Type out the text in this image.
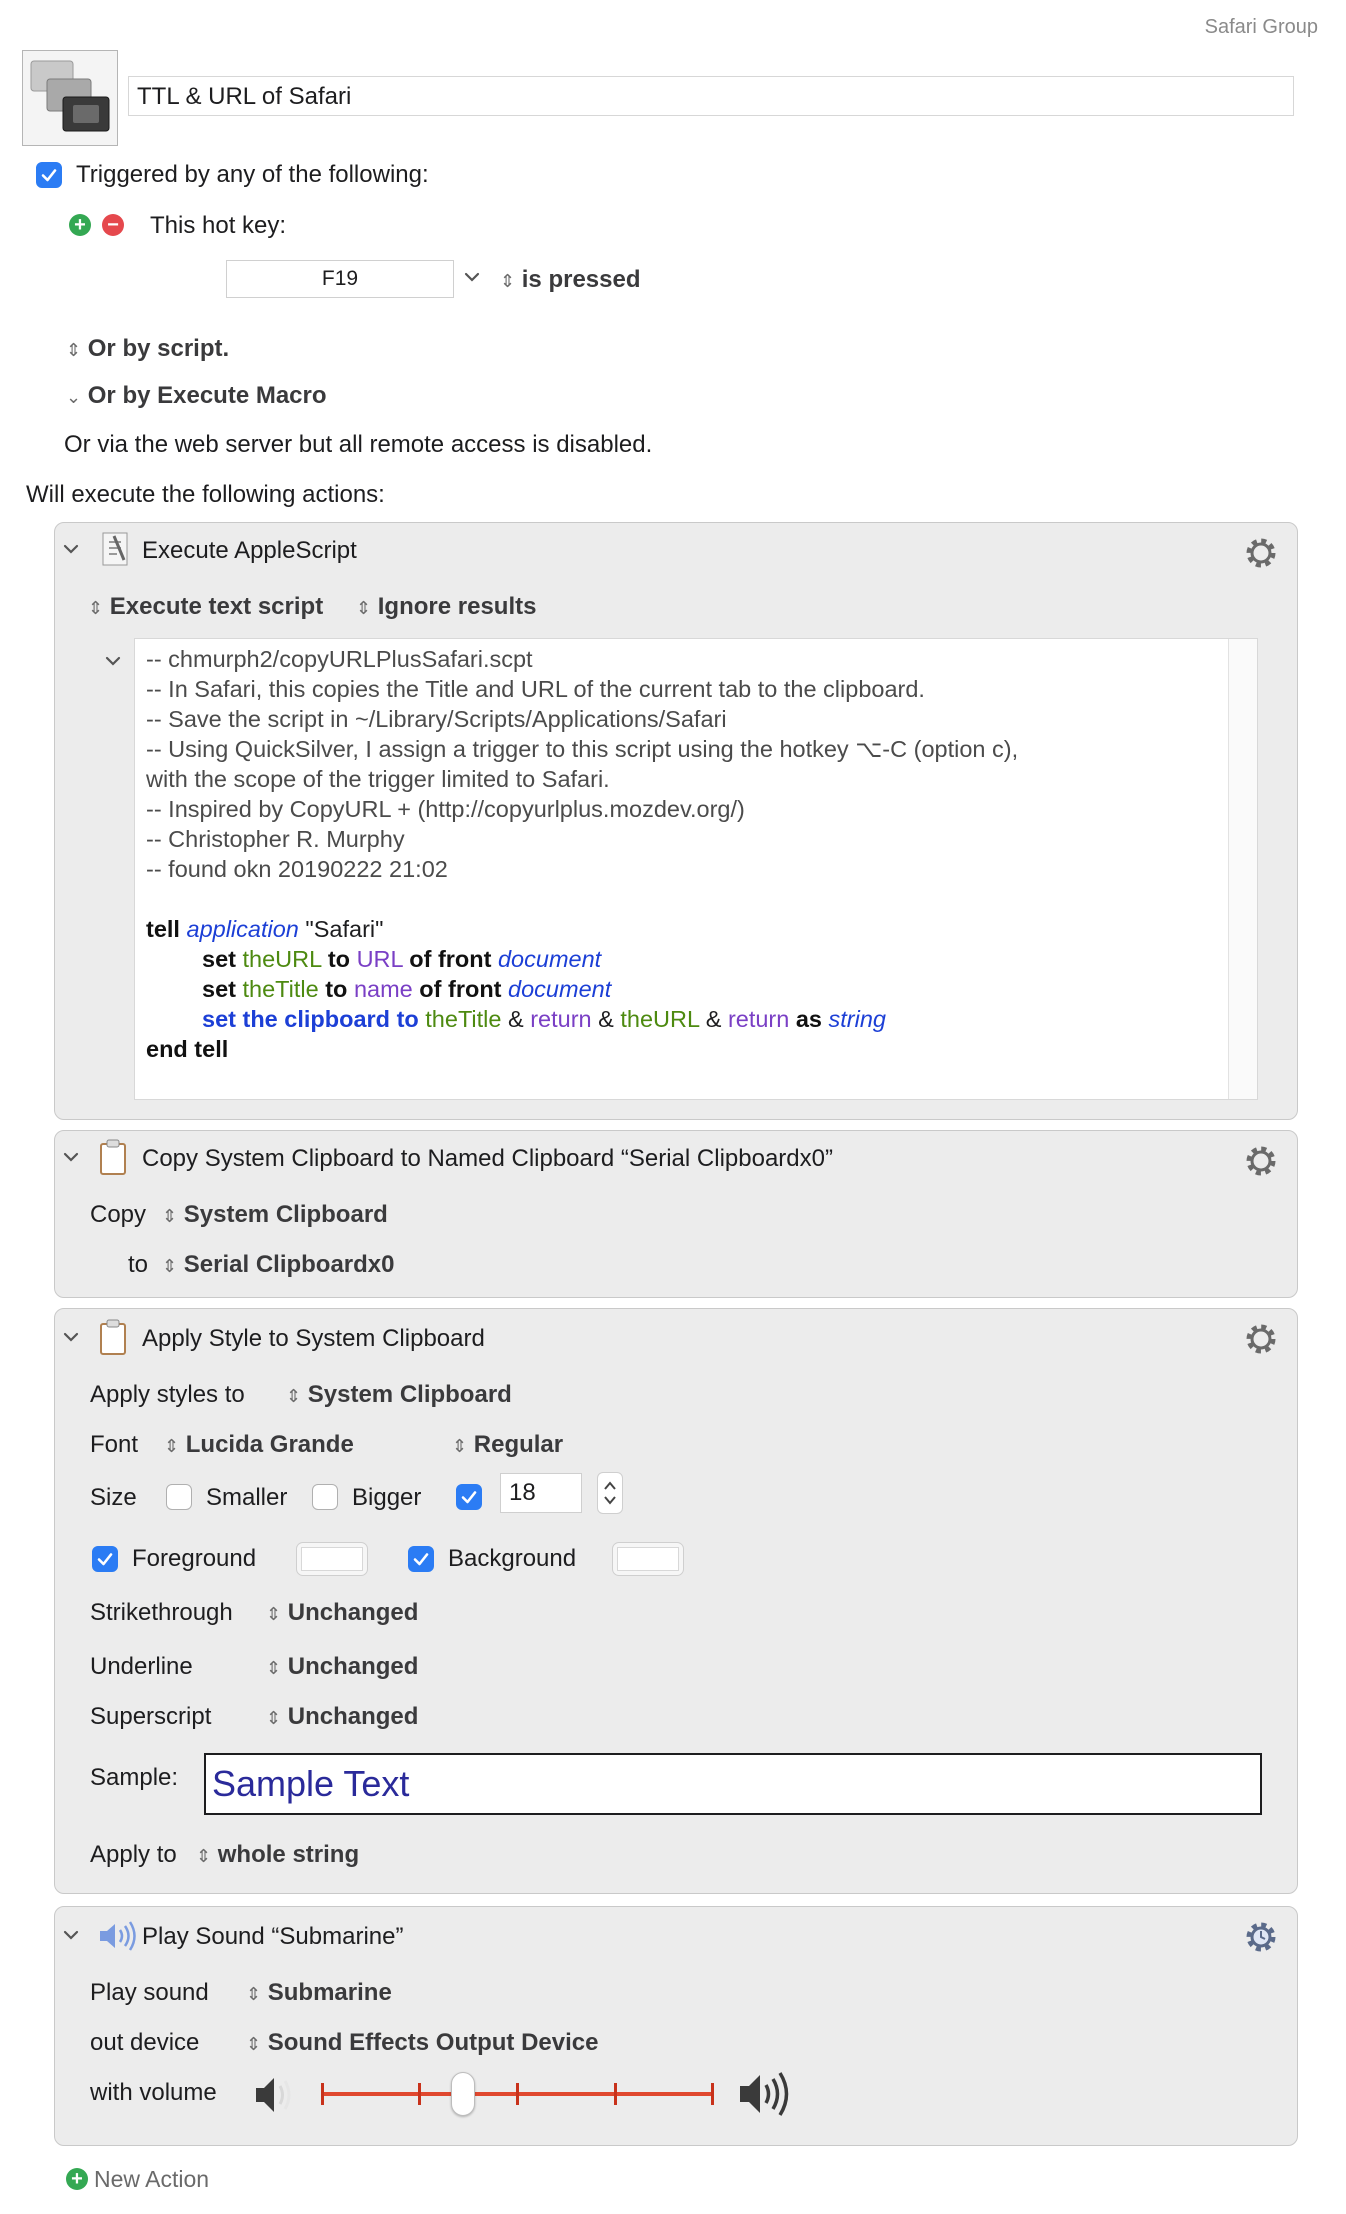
Safari Group
TTL & URL of Safari
Triggered by any of the following:
+ − This hot key:
F19	⇕ is pressed
⇕ Or by script.
⌄ Or by Execute Macro
Or via the web server but all remote access is disabled.
Will execute the following actions:
Execute AppleScript
⇕ Execute text script ⇕ Ignore results
-- chmurph2/copyURLPlusSafari.scpt
-- In Safari, this copies the Title and URL of the current tab to the clipboard.
-- Save the script in ~/Library/Scripts/Applications/Safari
-- Using QuickSilver, I assign a trigger to this script using the hotkey ⌥-C (option c),
with the scope of the trigger limited to Safari.
-- Inspired by CopyURL + (http://copyurlplus.mozdev.org/)
-- Christopher R. Murphy
-- found okn 20190222 21:02

tell application "Safari"
set theURL to URL of front document
set theTitle to name of front document
set the clipboard to theTitle & return & theURL & return as string
end tell
Copy System Clipboard to Named Clipboard “Serial Clipboardx0”
Copy ⇕ System Clipboard
to ⇕ Serial Clipboardx0
Apply Style to System Clipboard
Apply styles to ⇕ System Clipboard
Font ⇕ Lucida Grande	⇕ Regular
Size	Smaller	Bigger	18
Foreground	Background
Strikethrough ⇕ Unchanged
Underline	⇕ Unchanged
Superscript	⇕ Unchanged
Sample: Sample Text
Apply to ⇕ whole string
Play Sound “Submarine”
Play sound ⇕ Submarine
out device	⇕ Sound Effects Output Device
with volume
+ New Action
